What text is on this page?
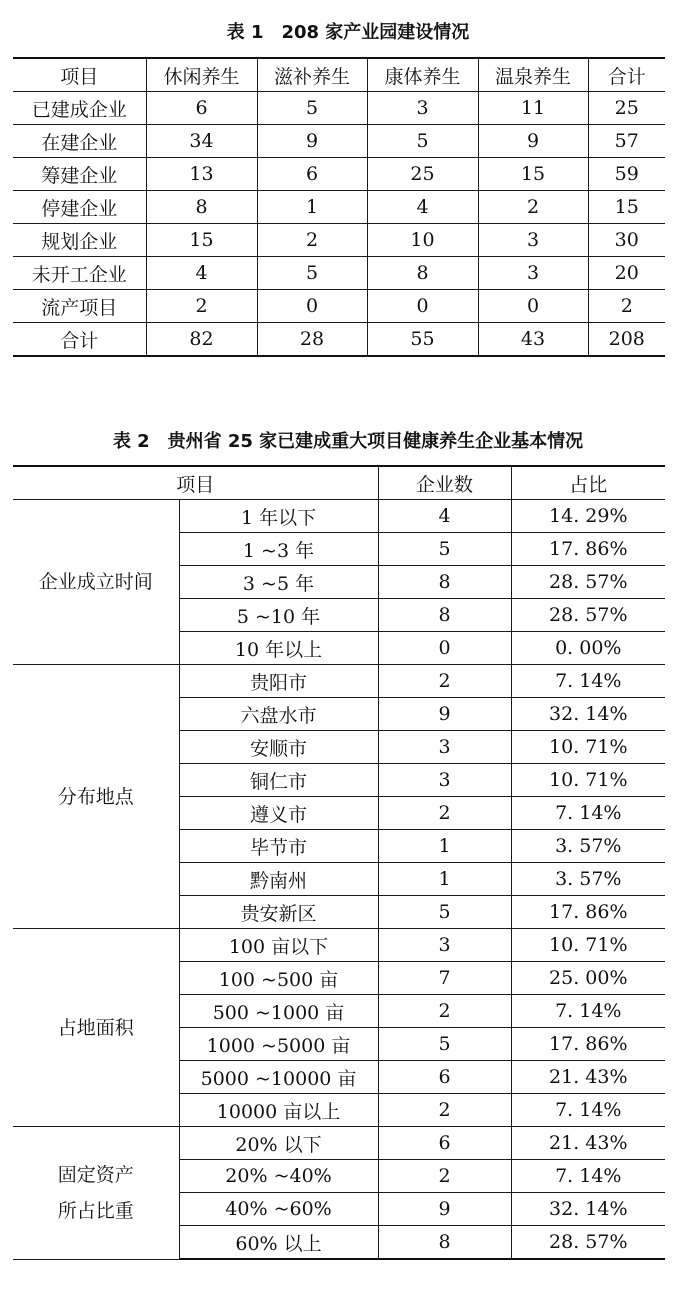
表 1　208 家产业园建设情况
项目	休闲养生	滋补养生	康体养生	温泉养生	合计
已建成企业	6	5	3	11	25
在建企业	34	9	5	9	57
筹建企业	13	6	25	15	59
停建企业	8	1	4	2	15
规划企业	15	2	10	3	30
未开工企业	4	5	8	3	20
流产项目	2	0	0	0	2
合计	82	28	55	43	208
表 2　贵州省 25 家已建成重大项目健康养生企业基本情况
项目		企业数	占比
企业成立时间	1 年以下	4	14. 29%
	1 ~3 年	5	17. 86%
	3 ~5 年	8	28. 57%
	5 ~10 年	8	28. 57%
	10 年以上	0	0. 00%
分布地点	贵阳市	2	7. 14%
	六盘水市	9	32. 14%
	安顺市	3	10. 71%
	铜仁市	3	10. 71%
	遵义市	2	7. 14%
	毕节市	1	3. 57%
	黔南州	1	3. 57%
	贵安新区	5	17. 86%
占地面积	100 亩以下	3	10. 71%
	100 ~500 亩	7	25. 00%
	500 ~1000 亩	2	7. 14%
	1000 ~5000 亩	5	17. 86%
	5000 ~10000 亩	6	21. 43%
	10000 亩以上	2	7. 14%
固定资产
所占比重	20% 以下	6	21. 43%
	20% ~40%	2	7. 14%
	40% ~60%	9	32. 14%
	60% 以上	8	28. 57%
